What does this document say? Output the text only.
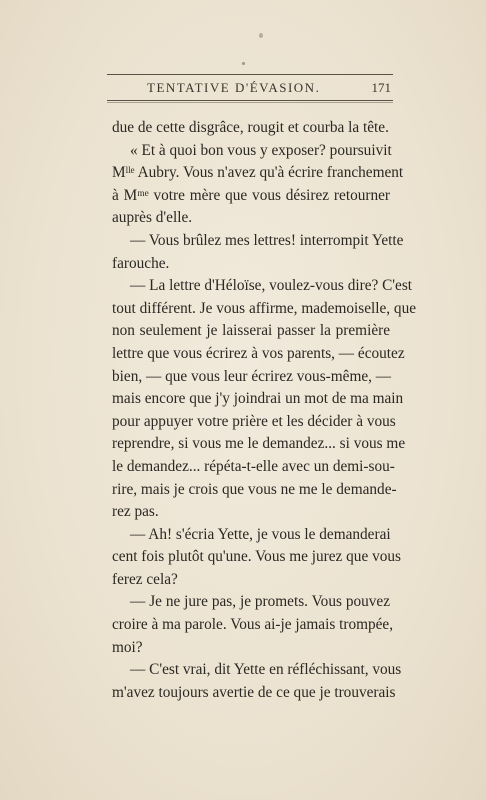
TENTATIVE D'ÉVASION.	171
due de cette disgrâce, rougit et courba la tête.
« Et à quoi bon vous y exposer? poursuivit
Mˡˡᵉ Aubry. Vous n'avez qu'à écrire franchement
à Mᵐᵉ votre mère que vous désirez retourner
auprès d'elle.
— Vous brûlez mes lettres! interrompit Yette
farouche.
— La lettre d'Héloïse, voulez-vous dire? C'est
tout différent. Je vous affirme, mademoiselle, que
non seulement je laisserai passer la première
lettre que vous écrirez à vos parents, — écoutez
bien, — que vous leur écrirez vous-même, —
mais encore que j'y joindrai un mot de ma main
pour appuyer votre prière et les décider à vous
reprendre, si vous me le demandez... si vous me
le demandez... répéta-t-elle avec un demi-sou-
rire, mais je crois que vous ne me le demande-
rez pas.
— Ah! s'écria Yette, je vous le demanderai
cent fois plutôt qu'une. Vous me jurez que vous
ferez cela?
— Je ne jure pas, je promets. Vous pouvez
croire à ma parole. Vous ai-je jamais trompée,
moi?
— C'est vrai, dit Yette en réfléchissant, vous
m'avez toujours avertie de ce que je trouverais
